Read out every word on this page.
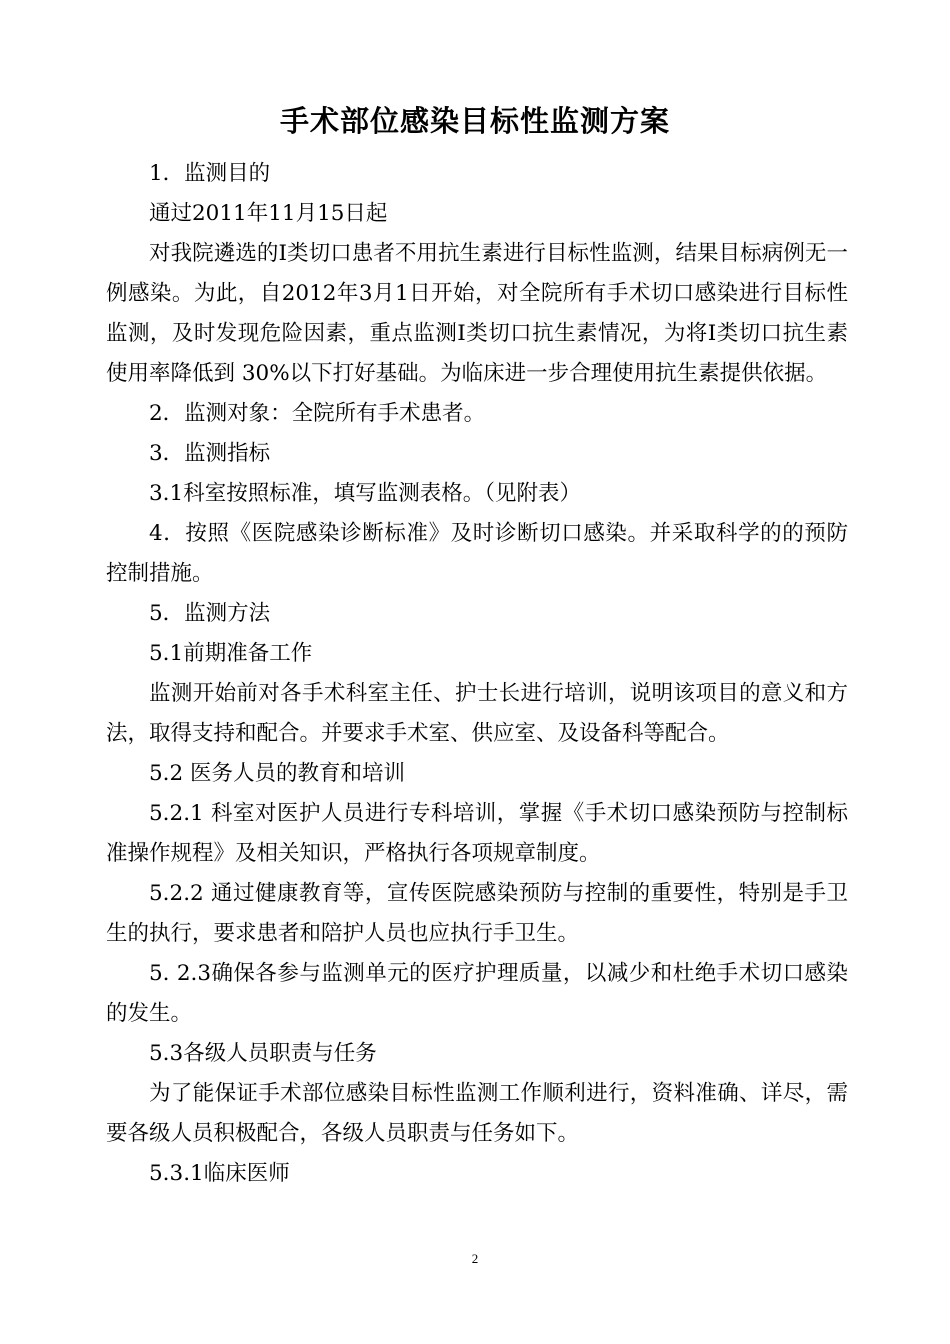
手术部位感染目标性监测方案

1．监测目的

通过2011年11月15日起

对我院遴选的Ⅰ类切口患者不用抗生素进行目标性监测，结果目标病例无一例感染。为此，自2012年3月1日开始，对全院所有手术切口感染进行目标性监测，及时发现危险因素，重点监测Ⅰ类切口抗生素情况，为将Ⅰ类切口抗生素使用率降低到 30%以下打好基础。为临床进一步合理使用抗生素提供依据。

2．监测对象：全院所有手术患者。

3．监测指标

3.1科室按照标准，填写监测表格。（见附表）

4．按照《医院感染诊断标准》及时诊断切口感染。并采取科学的的预防控制措施。

5．监测方法

5.1前期准备工作

监测开始前对各手术科室主任、护士长进行培训，说明该项目的意义和方法，取得支持和配合。并要求手术室、供应室、及设备科等配合。

5.2 医务人员的教育和培训

5.2.1 科室对医护人员进行专科培训，掌握《手术切口感染预防与控制标准操作规程》及相关知识，严格执行各项规章制度。

5.2.2 通过健康教育等，宣传医院感染预防与控制的重要性，特别是手卫生的执行，要求患者和陪护人员也应执行手卫生。

5. 2.3确保各参与监测单元的医疗护理质量，以减少和杜绝手术切口感染的发生。

5.3各级人员职责与任务

为了能保证手术部位感染目标性监测工作顺利进行，资料准确、详尽，需要各级人员积极配合，各级人员职责与任务如下。

5.3.1临床医师

2
